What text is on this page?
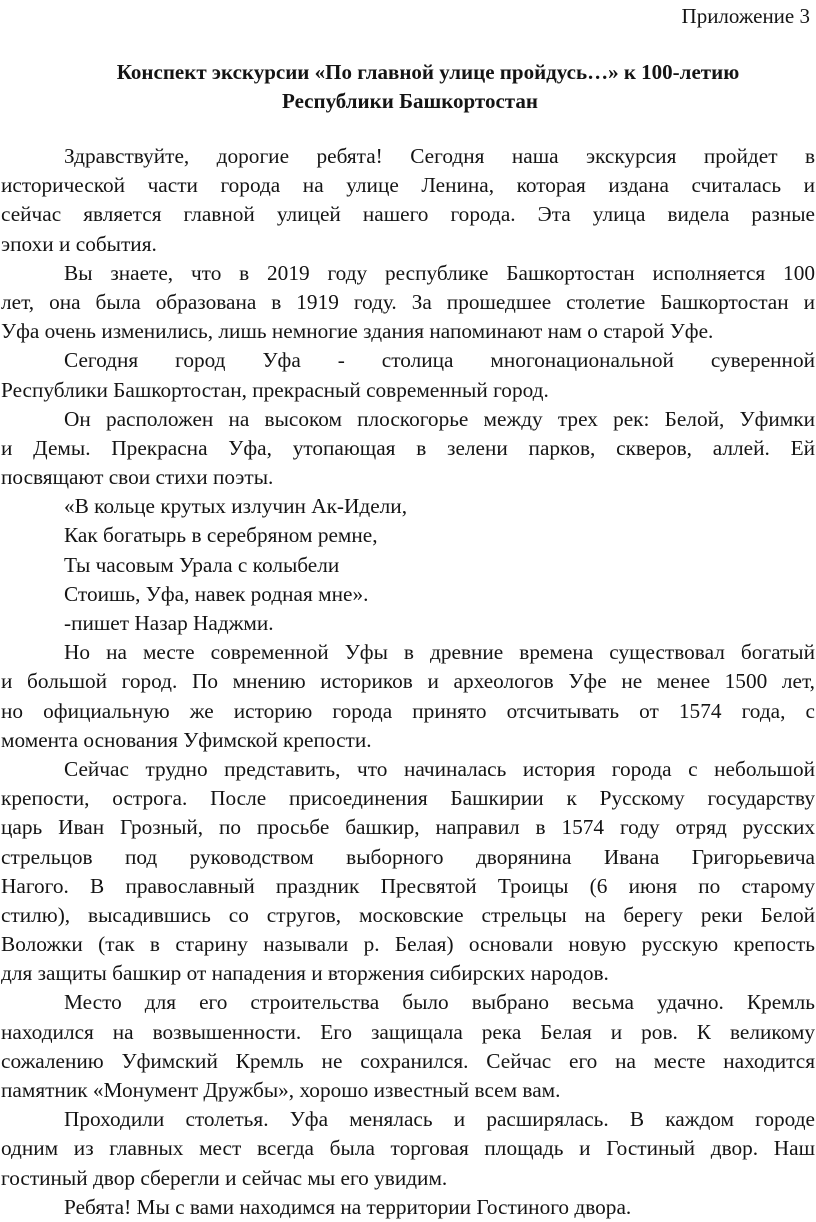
Приложение 3
Конспект экскурсии «По главной улице пройдусь…» к 100-летию
Республики Башкортостан
Здравствуйте, дорогие ребята! Сегодня наша экскурсия пройдет в
исторической части города на улице Ленина, которая издана считалась и
сейчас является главной улицей нашего города. Эта улица видела разные
эпохи и события.
Вы знаете, что в 2019 году республике Башкортостан исполняется 100
лет, она была образована в 1919 году. За прошедшее столетие Башкортостан и
Уфа очень изменились, лишь немногие здания напоминают нам о старой Уфе.
Сегодня город Уфа - столица многонациональной суверенной
Республики Башкортостан, прекрасный современный город.
Он расположен на высоком плоскогорье между трех рек: Белой, Уфимки
и Демы. Прекрасна Уфа, утопающая в зелени парков, скверов, аллей. Ей
посвящают свои стихи поэты.
«В кольце крутых излучин Ак-Идели,
Как богатырь в серебряном ремне,
Ты часовым Урала с колыбели
Стоишь, Уфа, навек родная мне».
-пишет Назар Наджми.
Но на месте современной Уфы в древние времена существовал богатый
и большой город. По мнению историков и археологов Уфе не менее 1500 лет,
но официальную же историю города принято отсчитывать от 1574 года, с
момента основания Уфимской крепости.
Сейчас трудно представить, что начиналась история города с небольшой
крепости, острога. После присоединения Башкирии к Русскому государству
царь Иван Грозный, по просьбе башкир, направил в 1574 году отряд русских
стрельцов под руководством выборного дворянина Ивана Григорьевича
Нагого. В православный праздник Пресвятой Троицы (6 июня по старому
стилю), высадившись со стругов, московские стрельцы на берегу реки Белой
Воложки (так в старину называли р. Белая) основали новую русскую крепость
для защиты башкир от нападения и вторжения сибирских народов.
Место для его строительства было выбрано весьма удачно. Кремль
находился на возвышенности. Его защищала река Белая и ров. К великому
сожалению Уфимский Кремль не сохранился. Сейчас его на месте находится
памятник «Монумент Дружбы», хорошо известный всем вам.
Проходили столетья. Уфа менялась и расширялась. В каждом городе
одним из главных мест всегда была торговая площадь и Гостиный двор. Наш
гостиный двор сберегли и сейчас мы его увидим.
Ребята! Мы с вами находимся на территории Гостиного двора.
